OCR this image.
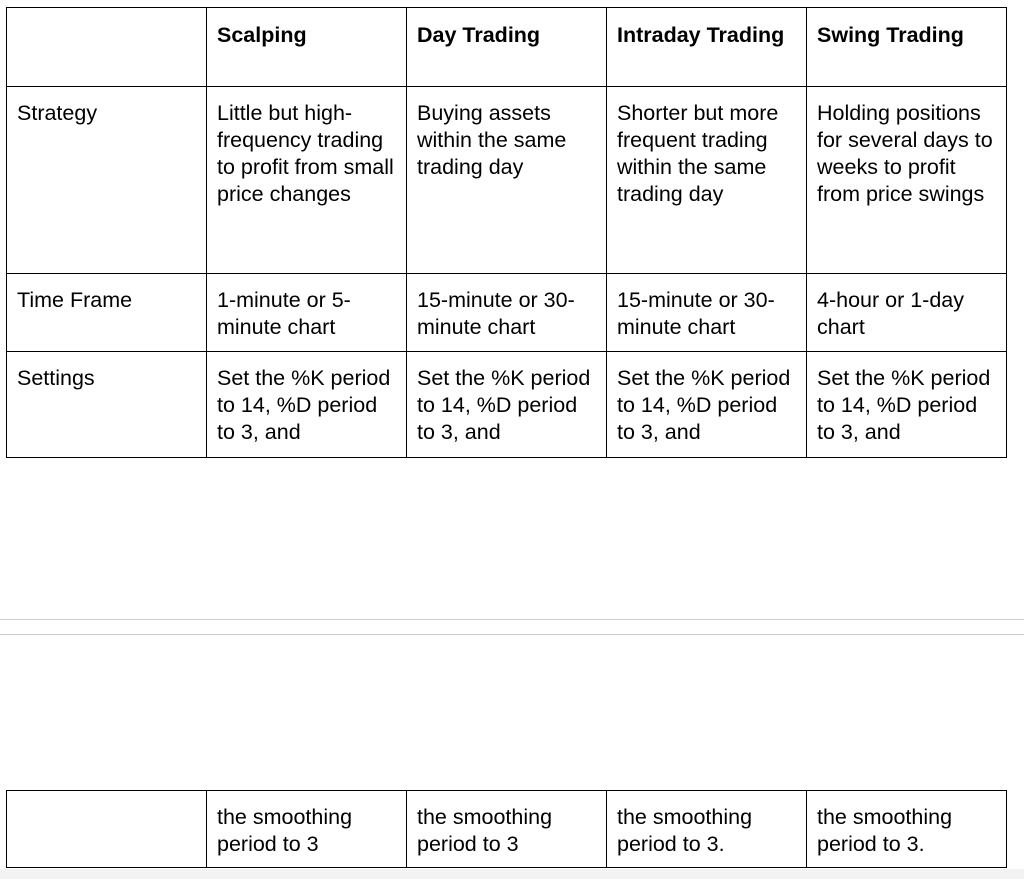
	Scalping	Day Trading	Intraday Trading	Swing Trading
Strategy	Little but high-frequency trading to profit from small price changes	Buying assets within the same trading day	Shorter but more frequent trading within the same trading day	Holding positions for several days to weeks to profit from price swings
Time Frame	1-minute or 5-minute chart	15-minute or 30-minute chart	15-minute or 30-minute chart	4-hour or 1-day chart
Settings	Set the %K period to 14, %D period to 3, and	Set the %K period to 14, %D period to 3, and	Set the %K period to 14, %D period to 3, and	Set the %K period to 14, %D period to 3, and
	the smoothing period to 3	the smoothing period to 3	the smoothing period to 3.	the smoothing period to 3.
